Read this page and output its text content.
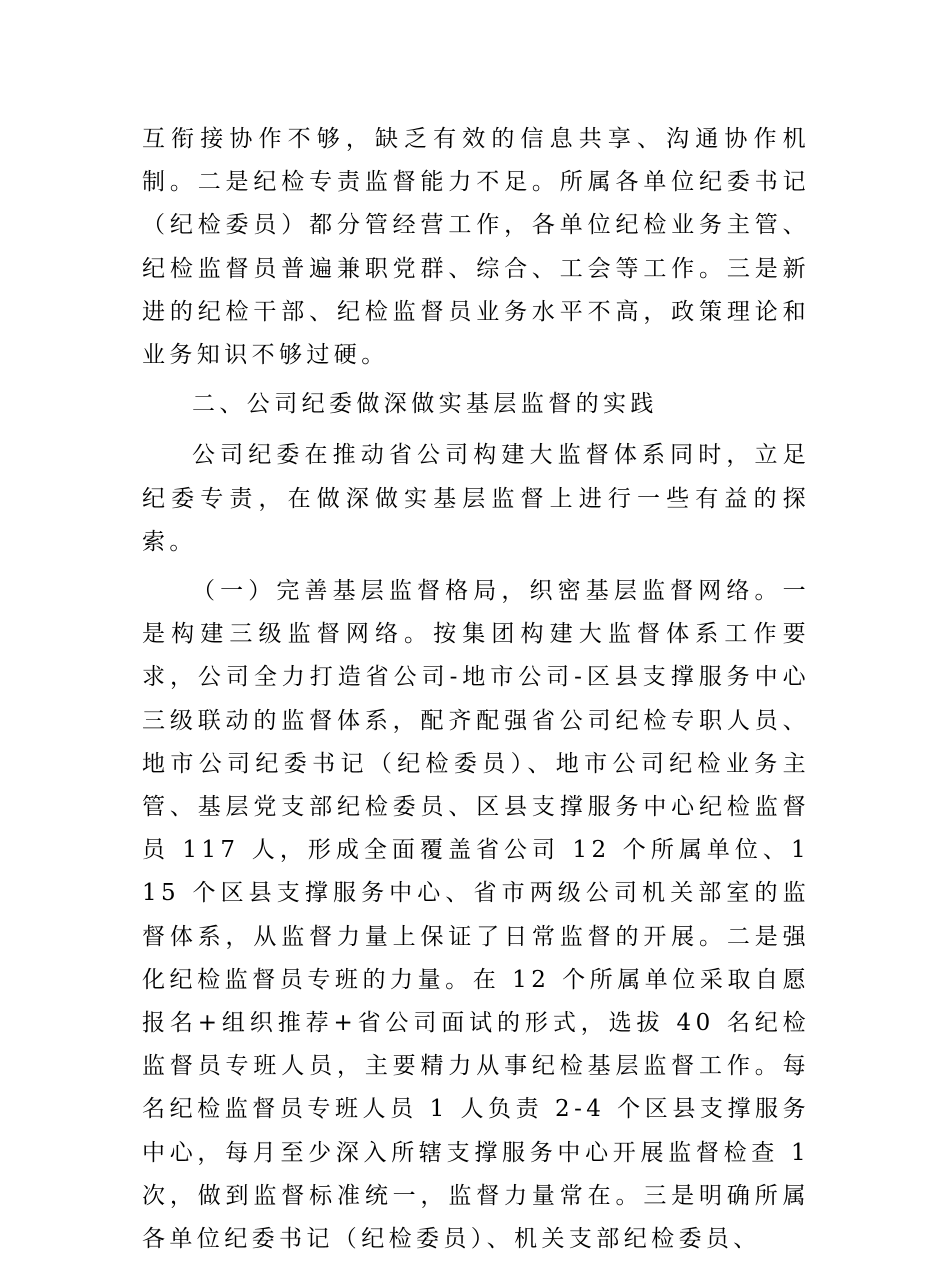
互衔接协作不够，缺乏有效的信息共享、沟通协作机制。二是纪检专责监督能力不足。所属各单位纪委书记（纪检委员）都分管经营工作，各单位纪检业务主管、纪检监督员普遍兼职党群、综合、工会等工作。三是新进的纪检干部、纪检监督员业务水平不高，政策理论和业务知识不够过硬。

二、公司纪委做深做实基层监督的实践

公司纪委在推动省公司构建大监督体系同时，立足纪委专责，在做深做实基层监督上进行一些有益的探索。

（一）完善基层监督格局，织密基层监督网络。一是构建三级监督网络。按集团构建大监督体系工作要求，公司全力打造省公司-地市公司-区县支撑服务中心三级联动的监督体系，配齐配强省公司纪检专职人员、地市公司纪委书记（纪检委员）、地市公司纪检业务主管、基层党支部纪检委员、区县支撑服务中心纪检监督员 117 人，形成全面覆盖省公司 12 个所属单位、115 个区县支撑服务中心、省市两级公司机关部室的监督体系，从监督力量上保证了日常监督的开展。二是强化纪检监督员专班的力量。在 12 个所属单位采取自愿报名+组织推荐+省公司面试的形式，选拔 40 名纪检监督员专班人员，主要精力从事纪检基层监督工作。每名纪检监督员专班人员 1 人负责 2-4 个区县支撑服务中心，每月至少深入所辖支撑服务中心开展监督检查 1 次，做到监督标准统一，监督力量常在。三是明确所属各单位纪委书记（纪检委员）、机关支部纪检委员、
